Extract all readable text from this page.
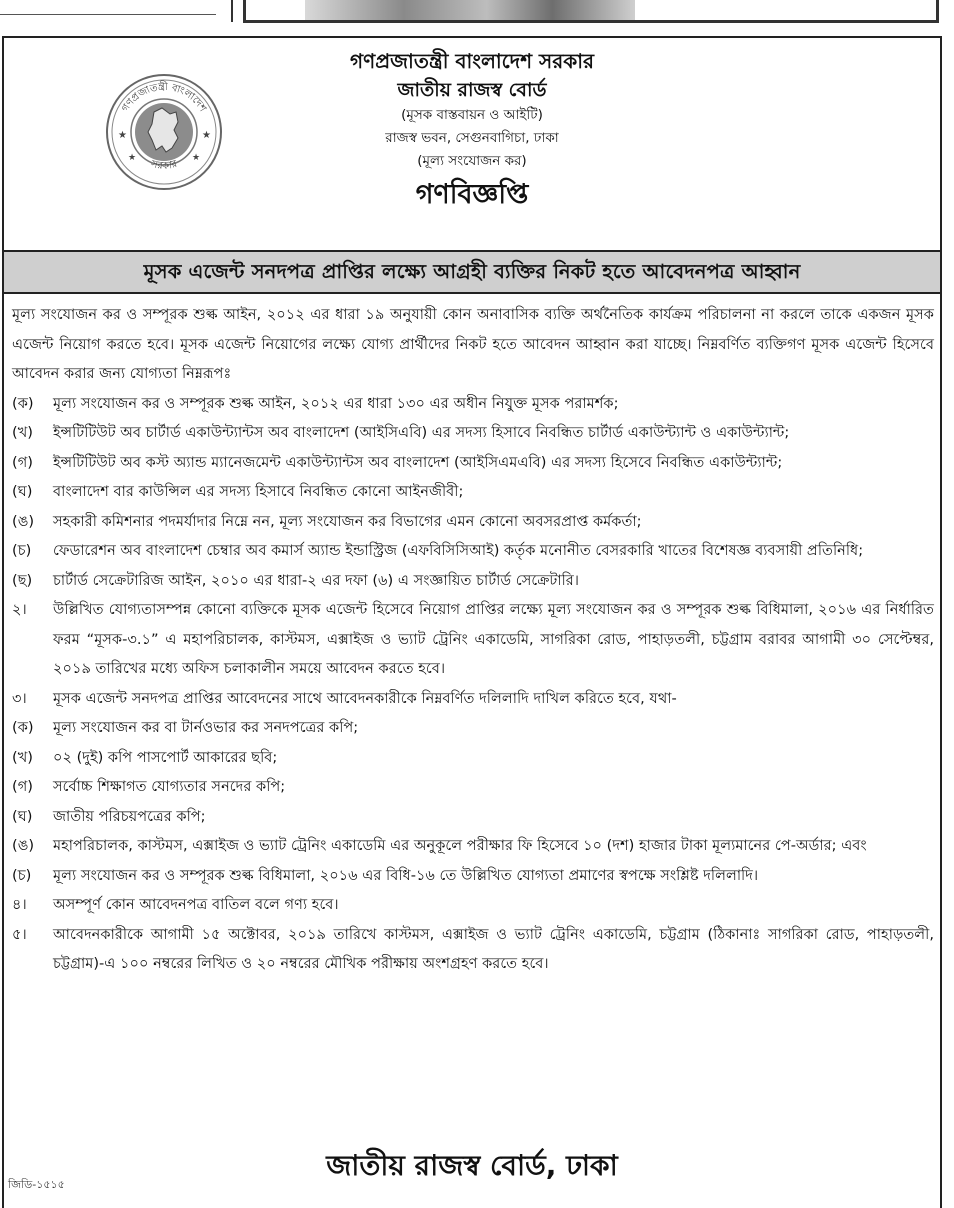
গণপ্রজাতন্ত্রী বাংলাদেশ
সরকার
★	★
★	★
গণপ্রজাতন্ত্রী বাংলাদেশ সরকার
জাতীয় রাজস্ব বোর্ড
(মূসক বাস্তবায়ন ও আইটি)
রাজস্ব ভবন, সেগুনবাগিচা, ঢাকা
(মূল্য সংযোজন কর)
গণবিজ্ঞপ্তি
মূসক এজেন্ট সনদপত্র প্রাপ্তির লক্ষ্যে আগ্রহী ব্যক্তির নিকট হতে আবেদনপত্র আহ্বান
মূল্য সংযোজন কর ও সম্পূরক শুল্ক আইন, ২০১২ এর ধারা ১৯ অনুযায়ী কোন অনাবাসিক ব্যক্তি অর্থনৈতিক কার্যক্রম পরিচালনা না করলে তাকে একজন মূসক এজেন্ট নিয়োগ করতে হবে। মূসক এজেন্ট নিয়োগের লক্ষ্যে যোগ্য প্রার্থীদের নিকট হতে আবেদন আহ্বান করা যাচ্ছে। নিম্নবর্ণিত ব্যক্তিগণ মূসক এজেন্ট হিসেবে আবেদন করার জন্য যোগ্যতা নিম্নরূপঃ
(ক)	মূল্য সংযোজন কর ও সম্পূরক শুল্ক আইন, ২০১২ এর ধারা ১৩০ এর অধীন নিযুক্ত মূসক পরামর্শক;
(খ)	ইন্সটিটিউট অব চার্টার্ড একাউন্ট্যান্টস অব বাংলাদেশ (আইসিএবি) এর সদস্য হিসাবে নিবন্ধিত চার্টার্ড একাউন্ট্যান্ট ও একাউন্ট্যান্ট;
(গ)	ইন্সটিটিউট অব কস্ট অ্যান্ড ম্যানেজমেন্ট একাউন্ট্যান্টস অব বাংলাদেশ (আইসিএমএবি) এর সদস্য হিসেবে নিবন্ধিত একাউন্ট্যান্ট;
(ঘ)	বাংলাদেশ বার কাউন্সিল এর সদস্য হিসাবে নিবন্ধিত কোনো আইনজীবী;
(ঙ)	সহকারী কমিশনার পদমর্যাদার নিম্নে নন, মূল্য সংযোজন কর বিভাগের এমন কোনো অবসরপ্রাপ্ত কর্মকর্তা;
(চ)	ফেডারেশন অব বাংলাদেশ চেম্বার অব কমার্স অ্যান্ড ইন্ডাস্ট্রিজ (এফবিসিসিআই) কর্তৃক মনোনীত বেসরকারি খাতের বিশেষজ্ঞ ব্যবসায়ী প্রতিনিধি;
(ছ)	চার্টার্ড সেক্রেটারিজ আইন, ২০১০ এর ধারা-২ এর দফা (৬) এ সংজ্ঞায়িত চার্টার্ড সেক্রেটারি।
২।	উল্লিখিত যোগ্যতাসম্পন্ন কোনো ব্যক্তিকে মূসক এজেন্ট হিসেবে নিয়োগ প্রাপ্তির লক্ষ্যে মূল্য সংযোজন কর ও সম্পূরক শুল্ক বিধিমালা, ২০১৬ এর নির্ধারিত ফরম “মূসক-৩.১” এ মহাপরিচালক, কাস্টমস, এক্সাইজ ও ভ্যাট ট্রেনিং একাডেমি, সাগরিকা রোড, পাহাড়তলী, চট্টগ্রাম বরাবর আগামী ৩০ সেপ্টেম্বর, ২০১৯ তারিখের মধ্যে অফিস চলাকালীন সময়ে আবেদন করতে হবে।
৩।	মূসক এজেন্ট সনদপত্র প্রাপ্তির আবেদনের সাথে আবেদনকারীকে নিম্নবর্ণিত দলিলাদি দাখিল করিতে হবে, যথা-
(ক)	মূল্য সংযোজন কর বা টার্নওভার কর সনদপত্রের কপি;
(খ)	০২ (দুই) কপি পাসপোর্ট আকারের ছবি;
(গ)	সর্বোচ্চ শিক্ষাগত যোগ্যতার সনদের কপি;
(ঘ)	জাতীয় পরিচয়পত্রের কপি;
(ঙ)	মহাপরিচালক, কাস্টমস, এক্সাইজ ও ভ্যাট ট্রেনিং একাডেমি এর অনুকূলে পরীক্ষার ফি হিসেবে ১০ (দশ) হাজার টাকা মূল্যমানের পে-অর্ডার; এবং
(চ)	মূল্য সংযোজন কর ও সম্পূরক শুল্ক বিধিমালা, ২০১৬ এর বিধি-১৬ তে উল্লিখিত যোগ্যতা প্রমাণের স্বপক্ষে সংশ্লিষ্ট দলিলাদি।
৪।	অসম্পূর্ণ কোন আবেদনপত্র বাতিল বলে গণ্য হবে।
৫।	আবেদনকারীকে আগামী ১৫ অক্টোবর, ২০১৯ তারিখে কাস্টমস, এক্সাইজ ও ভ্যাট ট্রেনিং একাডেমি, চট্টগ্রাম (ঠিকানাঃ সাগরিকা রোড, পাহাড়তলী, চট্টগ্রাম)-এ ১০০ নম্বরের লিখিত ও ২০ নম্বরের মৌখিক পরীক্ষায় অংশগ্রহণ করতে হবে।
জাতীয় রাজস্ব বোর্ড, ঢাকা
জিডি-১৫১৫
